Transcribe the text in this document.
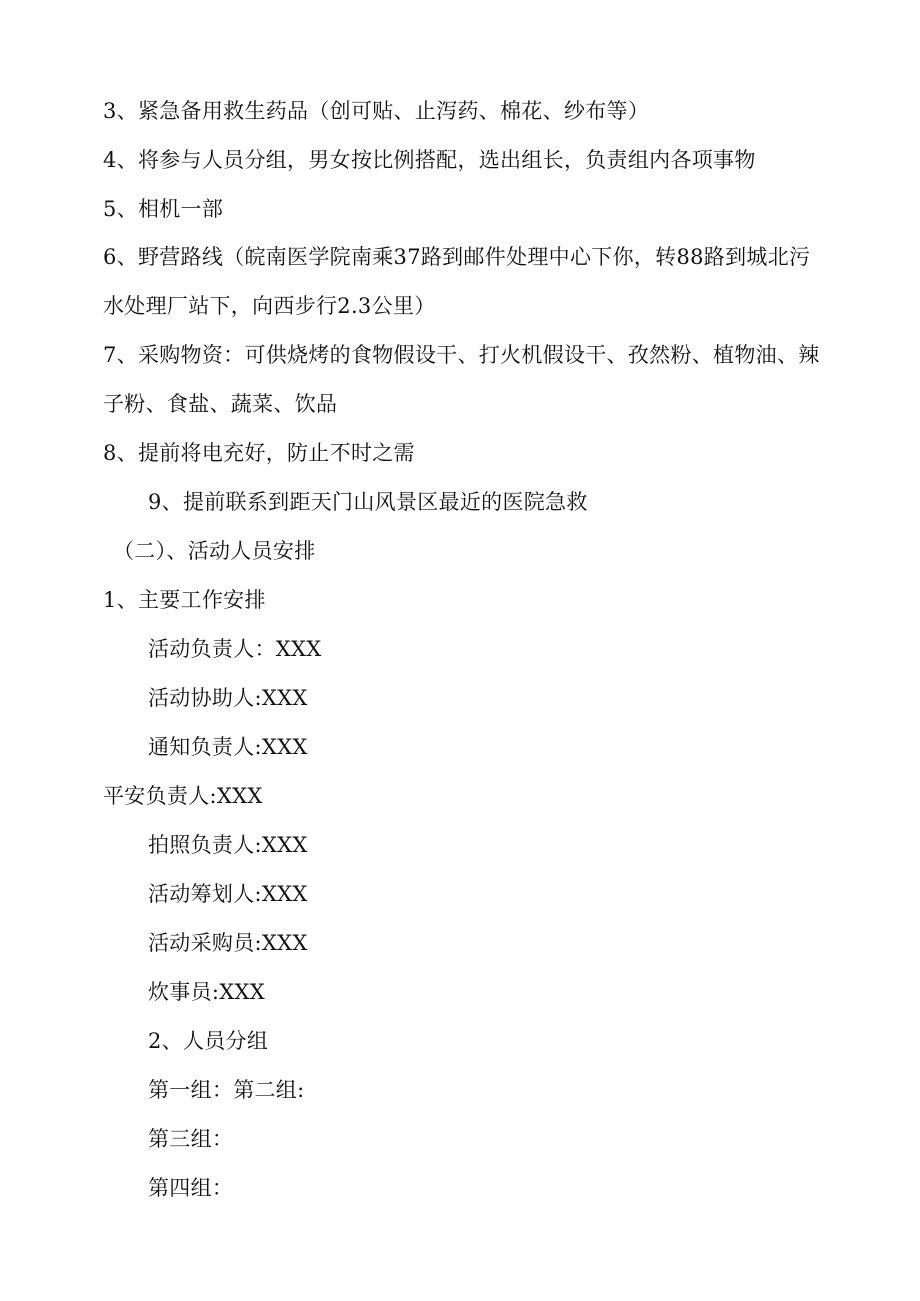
3、紧急备用救生药品（创可贴、止泻药、棉花、纱布等）
4、将参与人员分组，男女按比例搭配，选出组长，负责组内各项事物
5、相机一部
6、野营路线（皖南医学院南乘37路到邮件处理中心下你，转88路到城北污
水处理厂站下，向西步行2.3公里）
7、采购物资：可供烧烤的食物假设干、打火机假设干、孜然粉、植物油、辣
子粉、食盐、蔬菜、饮品
8、提前将电充好，防止不时之需
9、提前联系到距天门山风景区最近的医院急救
（二）、活动人员安排
1、主要工作安排
活动负责人：XXX
活动协助人:XXX
通知负责人:XXX
平安负责人:XXX
拍照负责人:XXX
活动筹划人:XXX
活动采购员:XXX
炊事员:XXX
2、人员分组
第一组：第二组:
第三组：
第四组：
